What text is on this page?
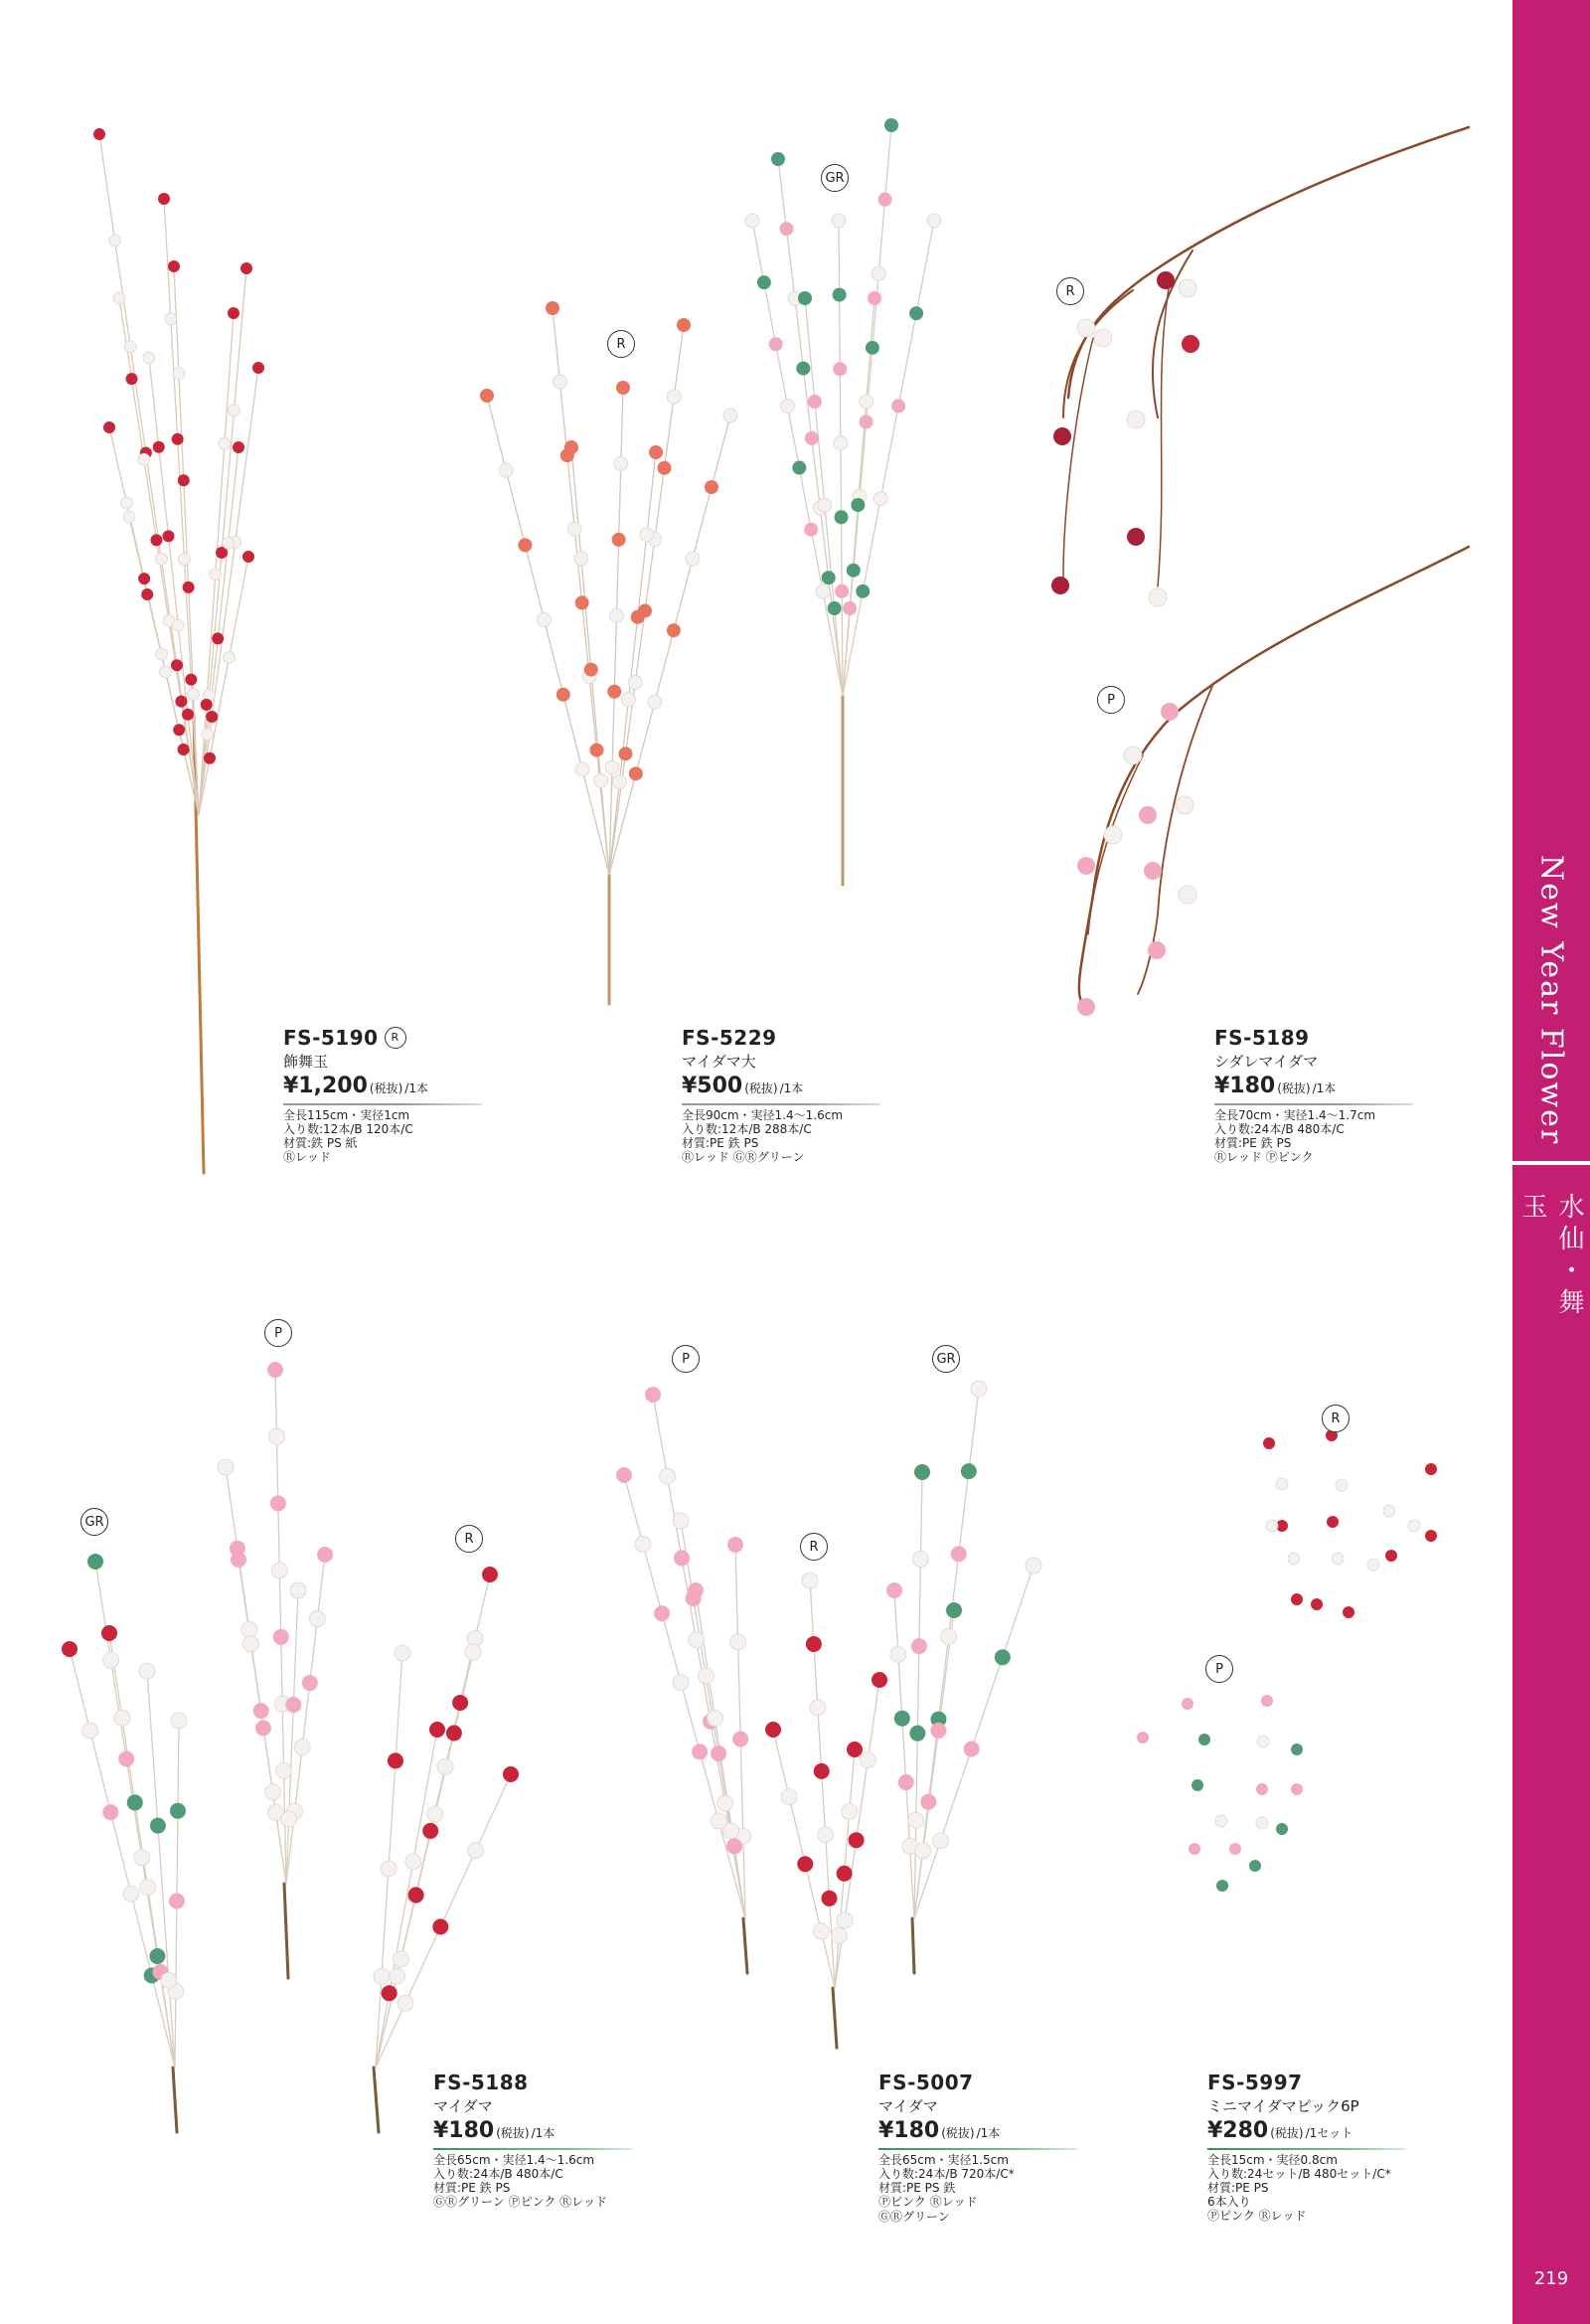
R
GR
R
P
P
GR
R
P	GR
R
R
P
FS-5190	R
飾舞玉
¥1,200 (税抜) /1本
全長115cm・実径1cm
入り数:12本/B 120本/C
材質:鉄 PS 紙
Ⓡレッド
FS-5229
マイダマ大
¥500 (税抜) /1本
全長90cm・実径1.4～1.6cm
入り数:12本/B 288本/C
材質:PE 鉄 PS
Ⓡレッド ⒼⓇグリーン
FS-5189
シダレマイダマ
¥180 (税抜) /1本
全長70cm・実径1.4～1.7cm
入り数:24本/B 480本/C
材質:PE 鉄 PS
Ⓡレッド Ⓟピンク
FS-5188
マイダマ
¥180 (税抜) /1本
全長65cm・実径1.4～1.6cm
入り数:24本/B 480本/C
材質:PE 鉄 PS
ⒼⓇグリーン Ⓟピンク Ⓡレッド
FS-5007
マイダマ
¥180 (税抜) /1本
全長65cm・実径1.5cm
入り数:24本/B 720本/C*
材質:PE PS 鉄
Ⓟピンク Ⓡレッド
ⒼⓇグリーン
FS-5997
ミニマイダマピック6P
¥280 (税抜) /1セット
全長15cm・実径0.8cm
入り数:24セット/B 480セット/C*
材質:PE PS
6本入り
Ⓟピンク Ⓡレッド
New Year Flower
水仙・舞玉
219
